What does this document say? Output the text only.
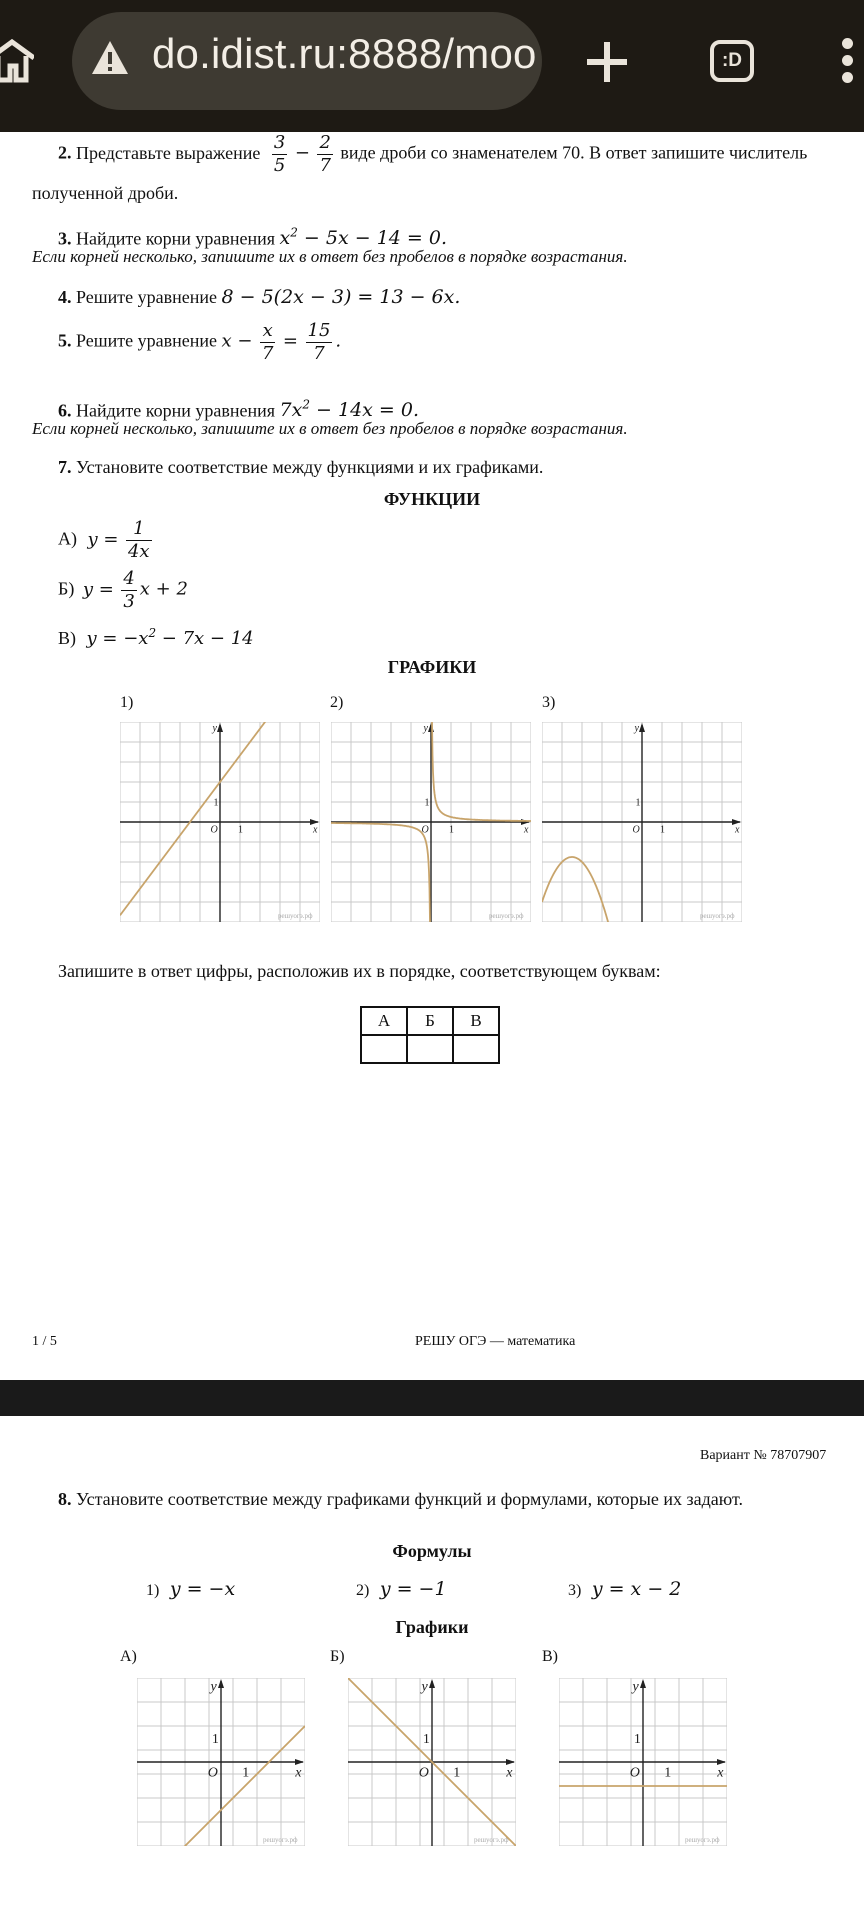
do.idist.ru:8888/moo	:D
2. Представьте выражение $\frac{3}{5} - \frac{2}{7}$ виде дроби со знаменателем 70. В ответ запишите числитель
полученной дроби.
3. Найдите корни уравнения $x^2 - 5x - 14 = 0$.
Если корней несколько, запишите их в ответ без пробелов в порядке возрастания.
4. Решите уравнение 8 − 5(2x − 3) = 13 − 6x.
5. Решите уравнение $x - \frac{x}{7} = \frac{15}{7}$ .
6. Найдите корни уравнения $7x^2 - 14x = 0$.
Если корней несколько, запишите их в ответ без пробелов в порядке возрастания.
7. Установите соответствие между функциями и их графиками.
ФУНКЦИИ
А) $y = \frac{1}{4x}$
Б) $y = \frac{4}{3}$ x + 2
В) $y = -x^2 - 7x - 14$
ГРАФИКИ
1)	2)	3)
x
y
O 1
1
решуогэ.рф
x
y
O 1
1
решуогэ.рф
x
y
O 1
1
решуогэ.рф
Запишите в ответ цифры, расположив их в порядке, соответствующем буквам:
А	Б	В

1 / 5	РЕШУ ОГЭ — математика
Вариант № 78707907
8. Установите соответствие между графиками функций и формулами, которые их задают.
Формулы
1) y = −x	2) y = −1	3) y = x − 2
Графики
А)	Б)	В)
x
y
O 1
1
решуогэ.рф
x
y
O 1
1
решуогэ.рф
x
y
O 1
1
решуогэ.рф
